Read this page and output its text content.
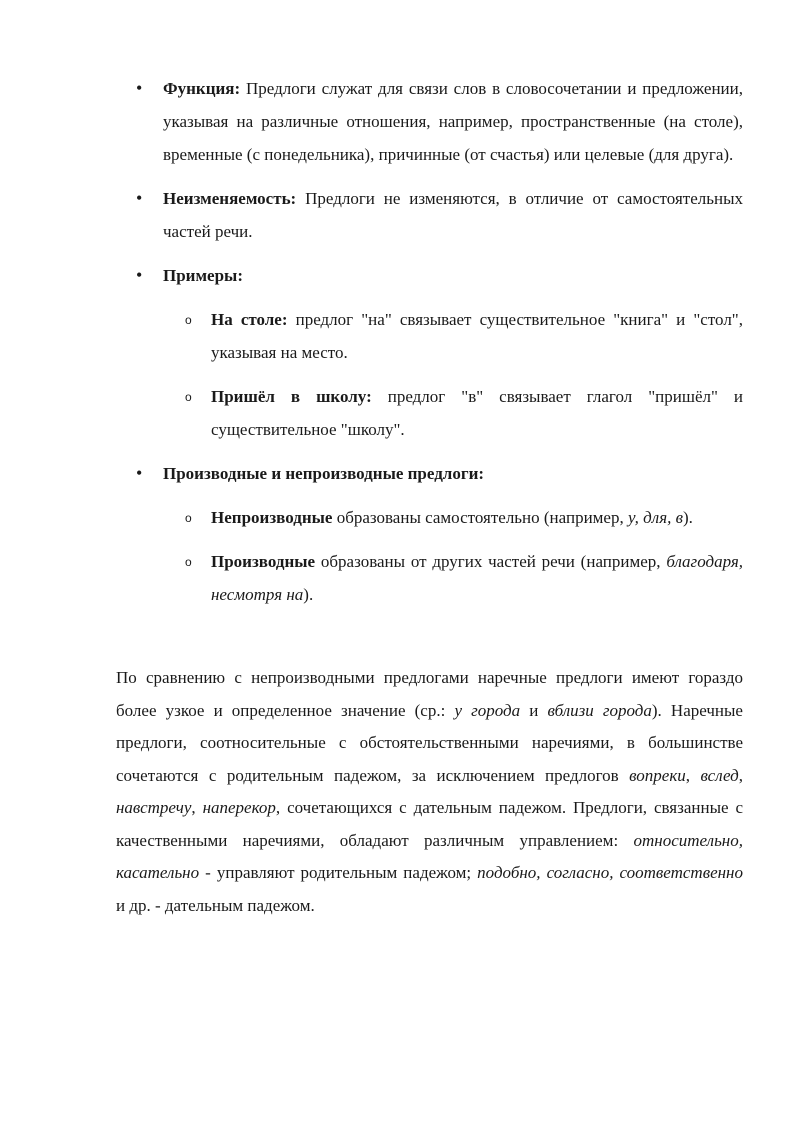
• Функция: Предлоги служат для связи слов в словосочетании и предложении, указывая на различные отношения, например, пространственные (на столе), временные (с понедельника), причинные (от счастья) или целевые (для друга).
• Неизменяемость: Предлоги не изменяются, в отличие от самостоятельных частей речи.
• Примеры:
o На столе: предлог "на" связывает существительное "книга" и "стол", указывая на место.
o Пришёл в школу: предлог "в" связывает глагол "пришёл" и существительное "школу".
• Производные и непроизводные предлоги:
o Непроизводные образованы самостоятельно (например, у, для, в).
o Производные образованы от других частей речи (например, благодаря, несмотря на).

По сравнению с непроизводными предлогами наречные предлоги имеют гораздо более узкое и определенное значение (ср.: у города и вблизи города). Наречные предлоги, соотносительные с обстоятельственными наречиями, в большинстве сочетаются с родительным падежом, за исключением предлогов вопреки, вслед, навстречу, наперекор, сочетающихся с дательным падежом. Предлоги, связанные с качественными наречиями, обладают различным управлением: относительно, касательно - управляют родительным падежом; подобно, согласно, соответственно и др. - дательным падежом.
